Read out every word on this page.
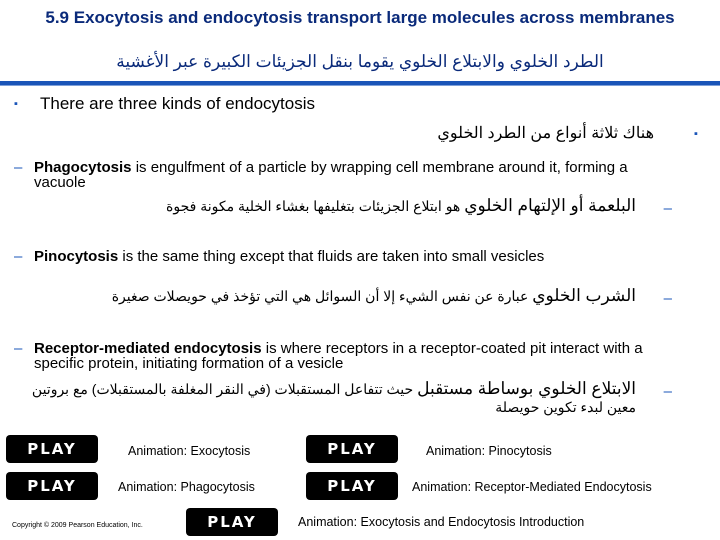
5.9 Exocytosis and endocytosis transport large molecules across membranes
الطرد الخلوي والابتلاع الخلوي يقوما بنقل الجزيئات الكبيرة عبر الأغشية
▪ There are three kinds of endocytosis
هناك ثلاثة أنواع من الطرد الخلوي	▪
– Phagocytosis is engulfment of a particle by wrapping cell membrane around it, forming a vacuole
–
البلعمة أو الإلتهام الخلوي هو ابتلاع الجزيئات بتغليفها بغشاء الخلية مكونة فجوة
– Pinocytosis is the same thing except that fluids are taken into small vesicles
–
الشرب الخلوي عبارة عن نفس الشيء إلا أن السوائل هي التي تؤخذ في حويصلات صغيرة
– Receptor-mediated endocytosis is where receptors in a receptor-coated pit interact with a specific protein, initiating formation of a vesicle
–
الابتلاع الخلوي بوساطة مستقبل حيث تتفاعل المستقبلات (في النقر المغلفة بالمستقبلات) مع بروتين معين لبدء تكوين حويصلة
PLAY	Animation: Exocytosis	PLAY	Animation: Pinocytosis
PLAY	Animation: Phagocytosis	PLAY	Animation: Receptor-Mediated Endocytosis
Copyright © 2009 Pearson Education, Inc.	PLAY	Animation: Exocytosis and Endocytosis Introduction
